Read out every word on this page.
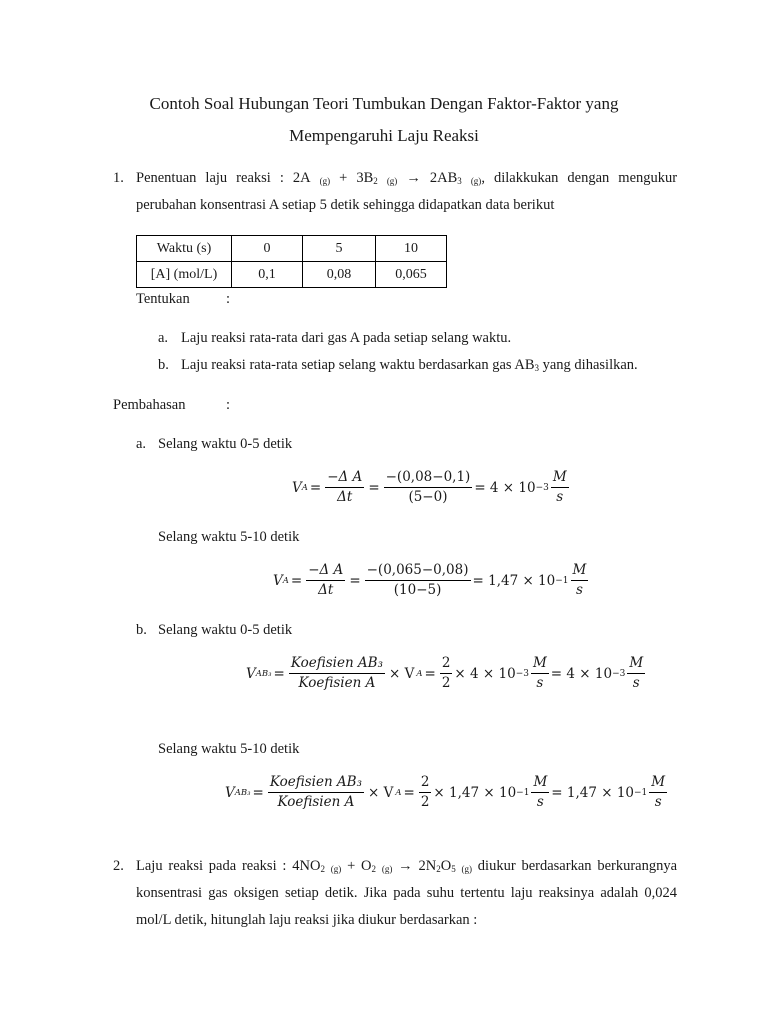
Contoh Soal Hubungan Teori Tumbukan Dengan Faktor-Faktor yang
Mempengaruhi Laju Reaksi
1. Penentuan laju reaksi : 2A $_{(g)} + 3B_2$ $_{(g)} \to 2AB_3$ $_{(g)}$, dilakkukan dengan mengukur
perubahan konsentrasi A setiap 5 detik sehingga didapatkan data berikut
Waktu (s)	0	5	10
[A] (mol/L)	0,1	0,08	0,065
Tentukan	:
a. Laju reaksi rata-rata dari gas A pada setiap selang waktu.
b. Laju reaksi rata-rata setiap selang waktu berdasarkan gas $AB_3$ yang dihasilkan.
Pembahasan	:
a. Selang waktu 0-5 detik
V $A = \frac{\text{−Δ A}}{\Delta t} = \frac{-(0,08-0,1)}{(5-0)} = 4 \times 10 -3 \frac{M}{s}$
Selang waktu 5-10 detik
V $A = \frac{\text{−Δ A}}{\Delta t} = \frac{-(0,065-0,08)}{(10-5)} = 1,47 \times 10 -1 \frac{M}{s}$
b. Selang waktu 0-5 detik
V $AB_3 = \frac{\text{Koefisien AB₃}}{\text{Koefisien A}} \times V$ $A = \frac{2}{2} \times 4 \times 10 -3 \frac{M}{s} = 4 \times 10 -3 \frac{M}{s}$
Selang waktu 5-10 detik
V $AB_3 = \frac{\text{Koefisien AB₃}}{\text{Koefisien A}} \times V$ $A = \frac{2}{2} \times 1,47 \times 10 -1 \frac{M}{s} = 1,47 \times 10 -1 \frac{M}{s}$
2. Laju reaksi pada reaksi : $4NO_2$ $_{(g)} + O_2$ $_{(g)} \to 2N_2O_5$ $_{(g)}$ diukur berdasarkan berkurangnya
konsentrasi gas oksigen setiap detik. Jika pada suhu tertentu laju reaksinya adalah 0,024
mol/L detik, hitunglah laju reaksi jika diukur berdasarkan :
